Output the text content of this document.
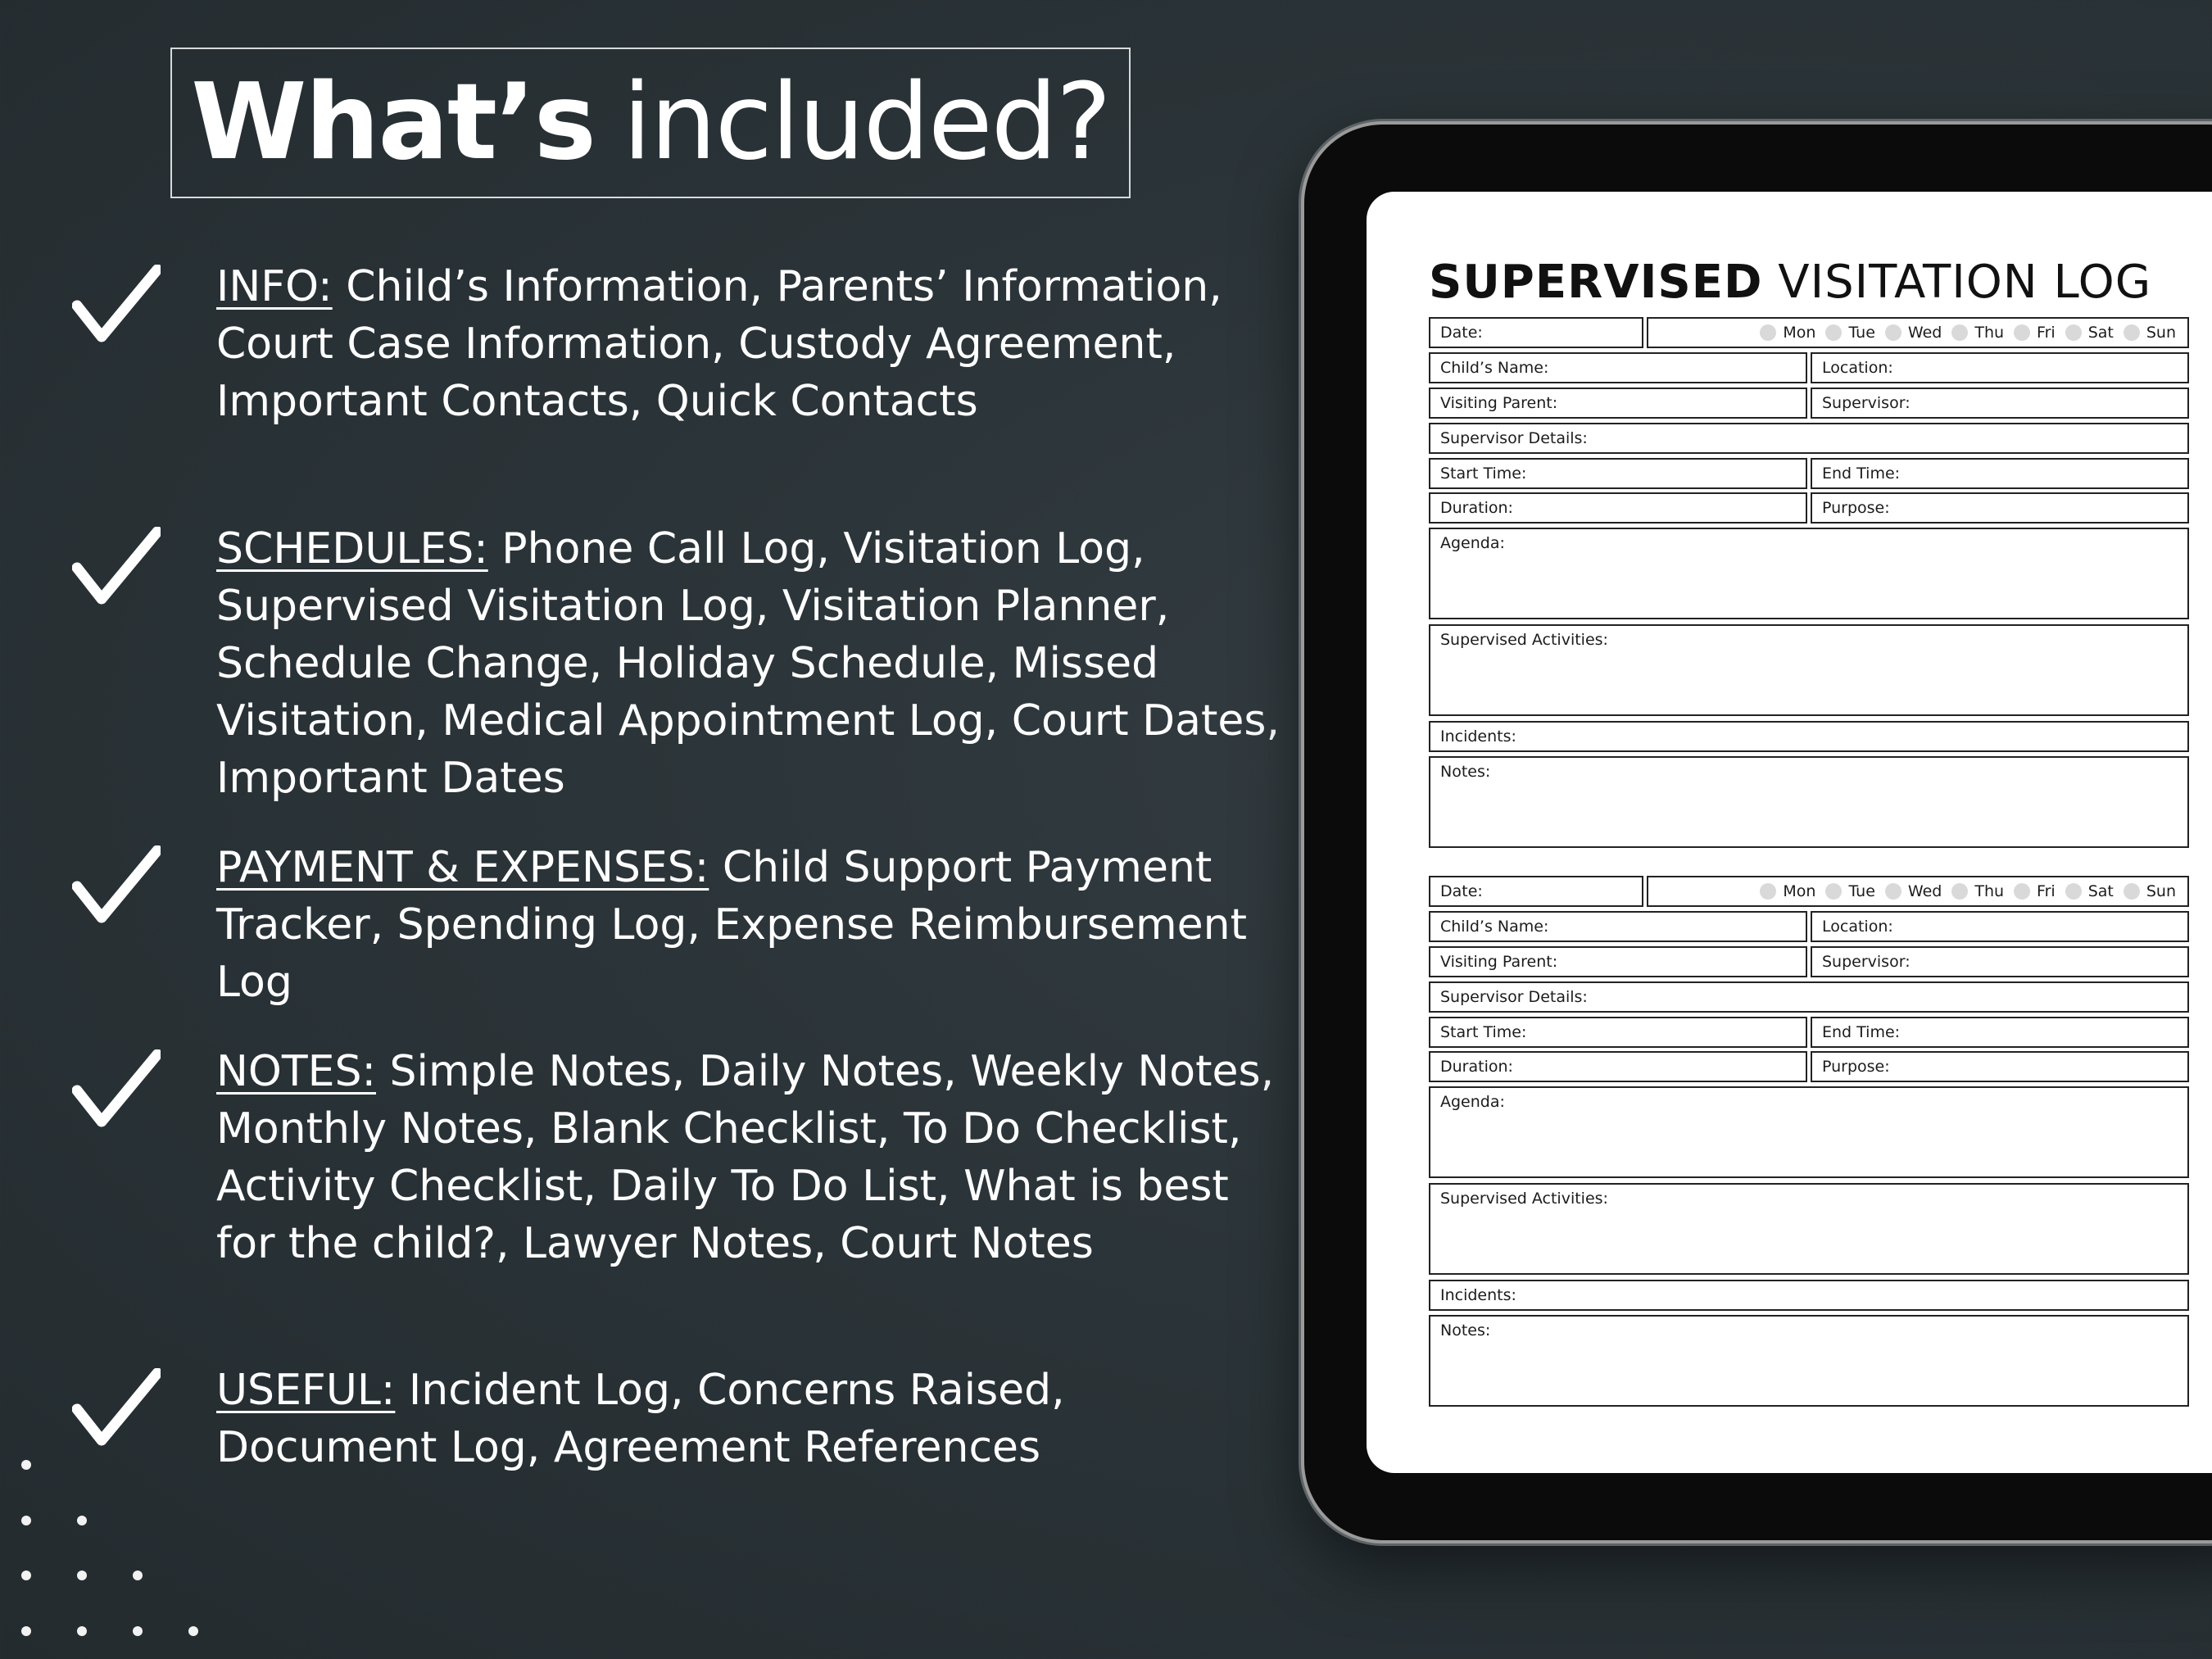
What’s included?

INFO: Child’s Information, Parents’ Information, Court Case Information, Custody Agreement, Important Contacts, Quick Contacts

SCHEDULES: Phone Call Log, Visitation Log, Supervised Visitation Log, Visitation Planner, Schedule Change, Holiday Schedule, Missed Visitation, Medical Appointment Log, Court Dates, Important Dates

PAYMENT & EXPENSES: Child Support Payment Tracker, Spending Log, Expense Reimbursement Log

NOTES: Simple Notes, Daily Notes, Weekly Notes, Monthly Notes, Blank Checklist, To Do Checklist, Activity Checklist, Daily To Do List, What is best for the child?, Lawyer Notes, Court Notes

USEFUL: Incident Log, Concerns Raised, Document Log, Agreement References

SUPERVISED VISITATION LOG
Date:	Mon Tue Wed Thu Fri Sat Sun
Child’s Name:	Location:
Visiting Parent:	Supervisor:
Supervisor Details:
Start Time:	End Time:
Duration:	Purpose:
Agenda:
Supervised Activities:
Incidents:
Notes:
Date:	Mon Tue Wed Thu Fri Sat Sun
Child’s Name:	Location:
Visiting Parent:	Supervisor:
Supervisor Details:
Start Time:	End Time:
Duration:	Purpose:
Agenda:
Supervised Activities:
Incidents:
Notes:
